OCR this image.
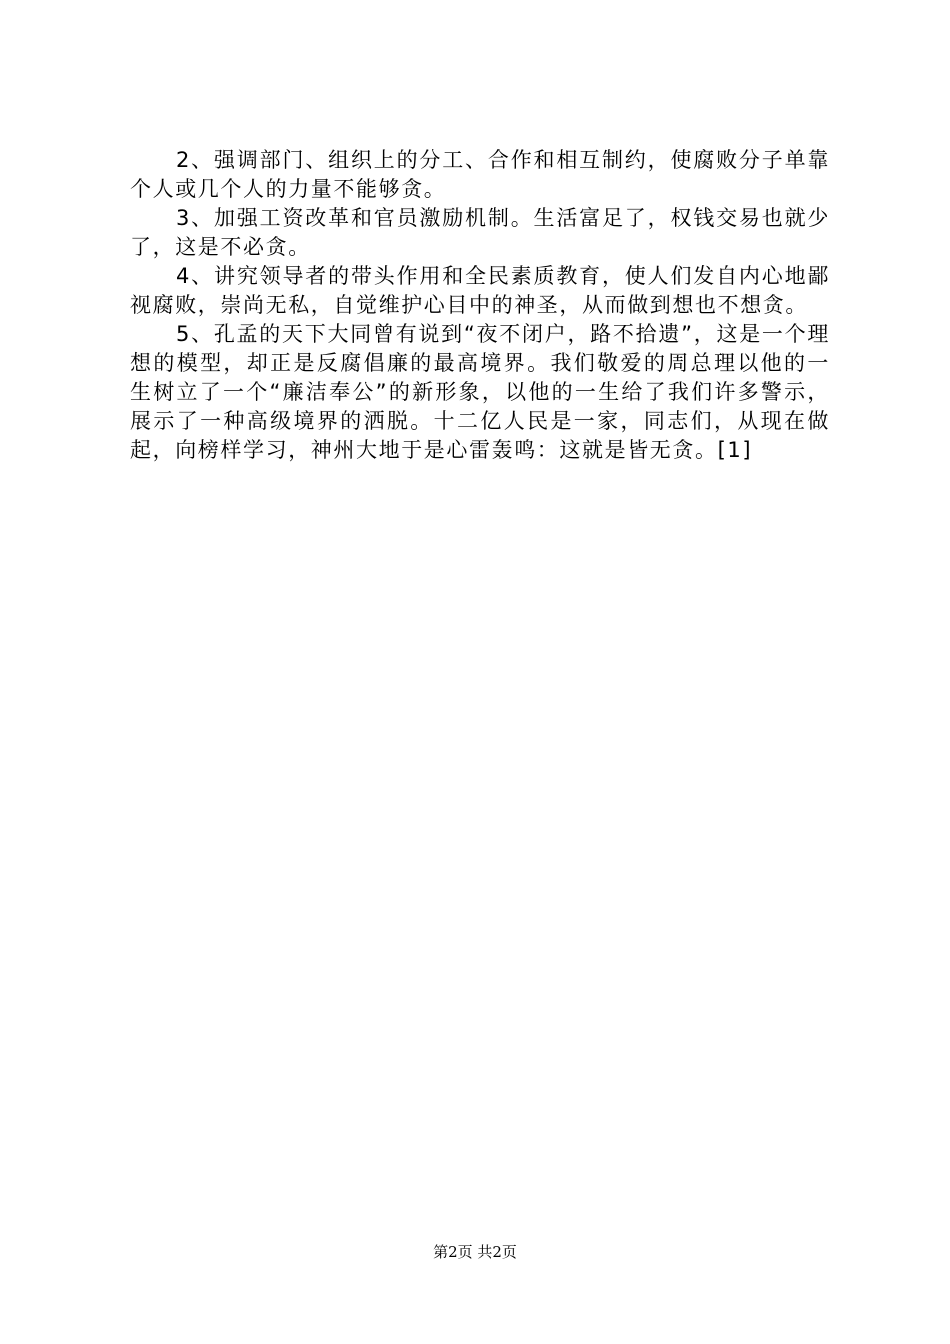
2、强调部门、组织上的分工、合作和相互制约，使腐败分子单靠个人或几个人的力量不能够贪。

3、加强工资改革和官员激励机制。生活富足了，权钱交易也就少了，这是不必贪。

4、讲究领导者的带头作用和全民素质教育，使人们发自内心地鄙视腐败，崇尚无私，自觉维护心目中的神圣，从而做到想也不想贪。

5、孔孟的天下大同曾有说到“夜不闭户，路不拾遗”，这是一个理想的模型，却正是反腐倡廉的最高境界。我们敬爱的周总理以他的一生树立了一个“廉洁奉公”的新形象，以他的一生给了我们许多警示，展示了一种高级境界的洒脱。十二亿人民是一家，同志们，从现在做起，向榜样学习，神州大地于是心雷轰鸣：这就是皆无贪。[1]

第2页 共2页
